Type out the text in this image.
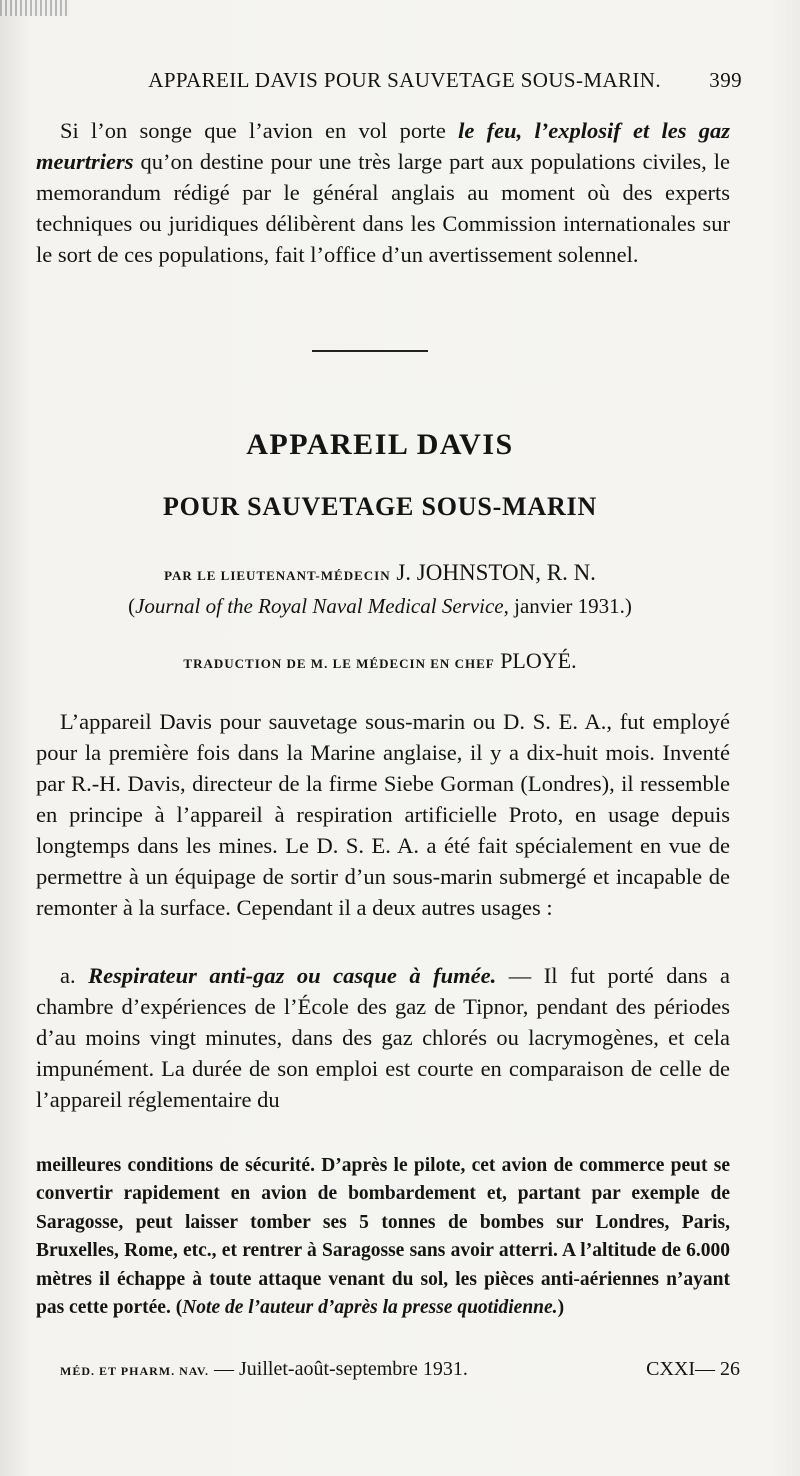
APPAREIL DAVIS POUR SAUVETAGE SOUS-MARIN.	399

Si l’on songe que l’avion en vol porte le feu, l’explosif et les gaz meurtriers qu’on destine pour une très large part aux populations civiles, le memorandum rédigé par le général anglais au moment où des experts techniques ou juridiques délibèrent dans les Commission internationales sur le sort de ces populations, fait l’office d’un avertissement solennel.

APPAREIL DAVIS
POUR SAUVETAGE SOUS-MARIN
PAR LE LIEUTENANT-MÉDECIN J. JOHNSTON, R. N.
(Journal of the Royal Naval Medical Service, janvier 1931.)
TRADUCTION DE M. LE MÉDECIN EN CHEF PLOYÉ.

L’appareil Davis pour sauvetage sous-marin ou D. S. E. A., fut employé pour la première fois dans la Marine anglaise, il y a dix-huit mois. Inventé par R.-H. Davis, directeur de la firme Siebe Gorman (Londres), il ressemble en principe à l’appareil à respiration artificielle Proto, en usage depuis longtemps dans les mines. Le D. S. E. A. a été fait spécialement en vue de permettre à un équipage de sortir d’un sous-marin submergé et incapable de remonter à la surface. Cependant il a deux autres usages :

a. Respirateur anti-gaz ou casque à fumée. — Il fut porté dans a chambre d’expériences de l’École des gaz de Tipnor, pendant des périodes d’au moins vingt minutes, dans des gaz chlorés ou lacrymogènes, et cela impunément. La durée de son emploi est courte en comparaison de celle de l’appareil réglementaire du

meilleures conditions de sécurité. D’après le pilote, cet avion de commerce peut se convertir rapidement en avion de bombardement et, partant par exemple de Saragosse, peut laisser tomber ses 5 tonnes de bombes sur Londres, Paris, Bruxelles, Rome, etc., et rentrer à Saragosse sans avoir atterri. A l’altitude de 6.000 mètres il échappe à toute attaque venant du sol, les pièces anti-aériennes n’ayant pas cette portée. (Note de l’auteur d’après la presse quotidienne.)

MÉD. ET PHARM. NAV. — Juillet-août-septembre 1931.	CXXI— 26
